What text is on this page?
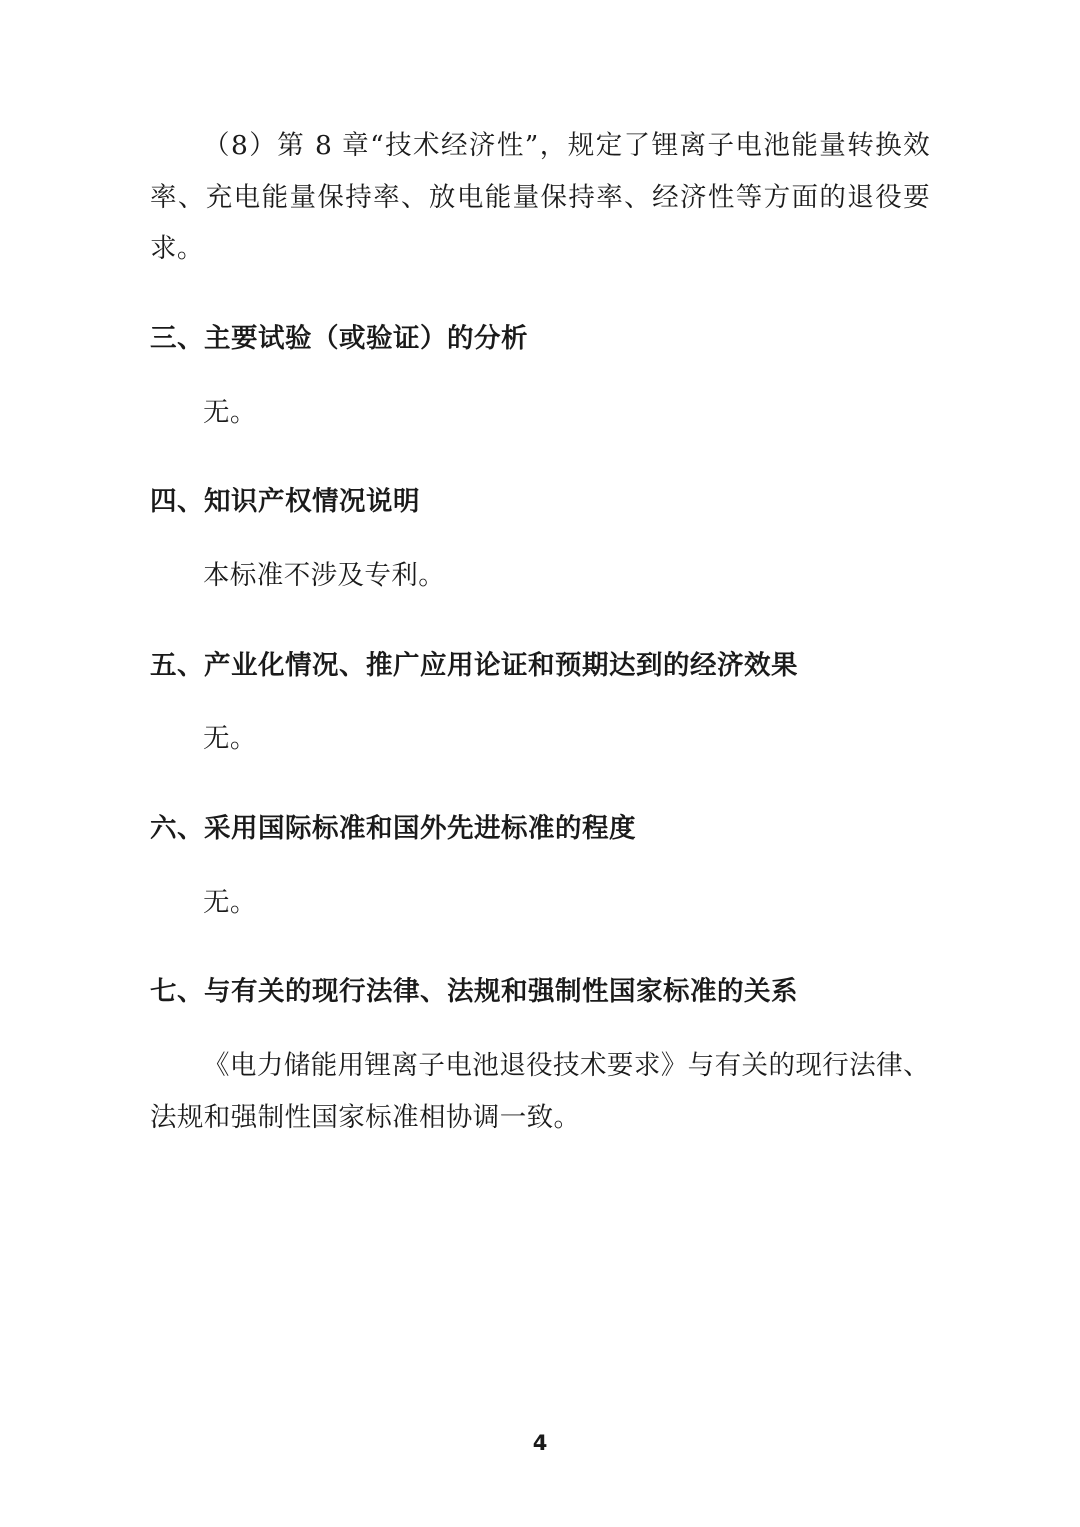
（8）第 8 章“技术经济性”，规定了锂离子电池能量转换效率、充电能量保持率、放电能量保持率、经济性等方面的退役要求。

三、主要试验（或验证）的分析

无。

四、知识产权情况说明

本标准不涉及专利。

五、产业化情况、推广应用论证和预期达到的经济效果

无。

六、采用国际标准和国外先进标准的程度

无。

七、与有关的现行法律、法规和强制性国家标准的关系

《电力储能用锂离子电池退役技术要求》与有关的现行法律、法规和强制性国家标准相协调一致。

4
